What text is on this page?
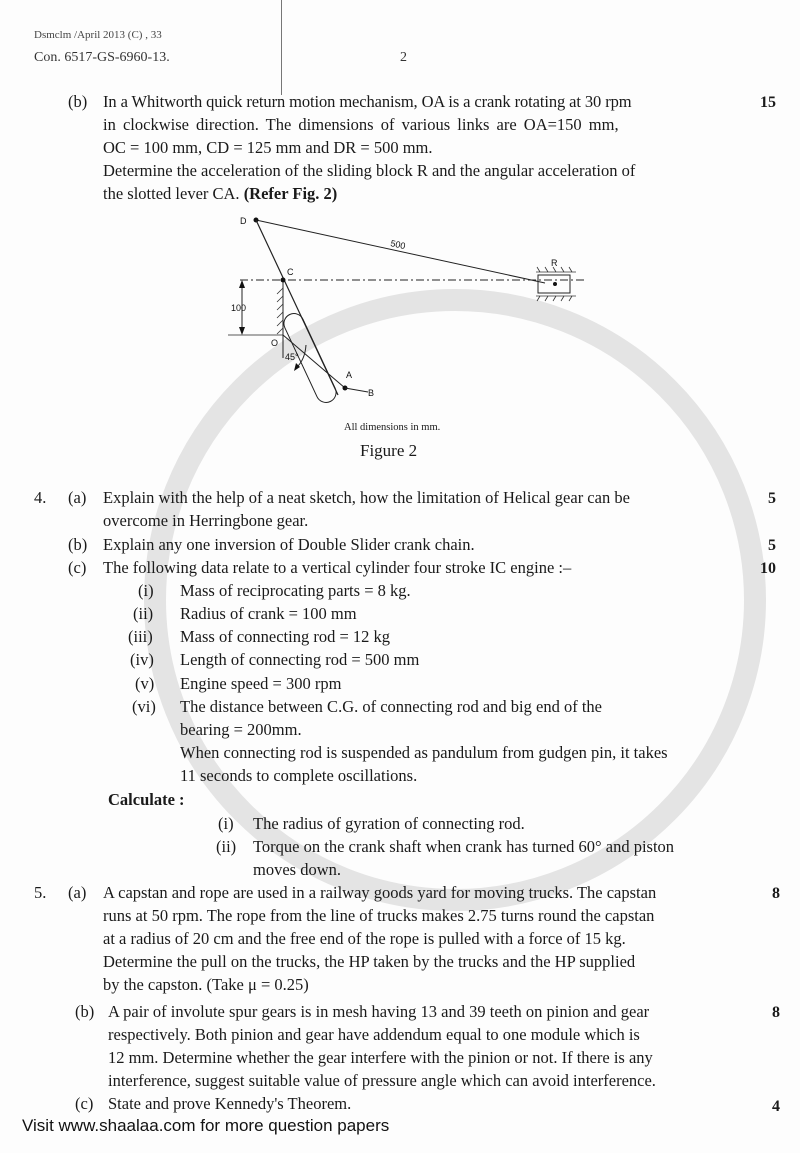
Dsmclm /April 2013 (C) , 33
Con. 6517-GS-6960-13.	2
(b) In a Whitworth quick return motion mechanism, OA is a crank rotating at 30 rpm
in clockwise direction. The dimensions of various links are OA=150 mm,
OC = 100 mm, CD = 125 mm and DR = 500 mm.
Determine the acceleration of the sliding block R and the angular acceleration of
the slotted lever CA. (Refer Fig. 2)
15
D
C
O
A
B
R
500
100
45°
All dimensions in mm.
Figure 2
4. (a) Explain with the help of a neat sketch, how the limitation of Helical gear can be
overcome in Herringbone gear.
5
(b) Explain any one inversion of Double Slider crank chain.	5
(c) The following data relate to a vertical cylinder four stroke IC engine :–	10
(i) Mass of reciprocating parts = 8 kg.
(ii) Radius of crank = 100 mm
(iii) Mass of connecting rod = 12 kg
(iv) Length of connecting rod = 500 mm
(v) Engine speed = 300 rpm
(vi) The distance between C.G. of connecting rod and big end of the
bearing = 200mm.
When connecting rod is suspended as pandulum from gudgen pin, it takes
11 seconds to complete oscillations.
Calculate :
(i) The radius of gyration of connecting rod.
(ii) Torque on the crank shaft when crank has turned 60° and piston
moves down.
5. (a) A capstan and rope are used in a railway goods yard for moving trucks. The capstan
runs at 50 rpm. The rope from the line of trucks makes 2.75 turns round the capstan
at a radius of 20 cm and the free end of the rope is pulled with a force of 15 kg.
Determine the pull on the trucks, the HP taken by the trucks and the HP supplied
by the capston. (Take μ = 0.25)
8
(b) A pair of involute spur gears is in mesh having 13 and 39 teeth on pinion and gear
respectively. Both pinion and gear have addendum equal to one module which is
12 mm. Determine whether the gear interfere with the pinion or not. If there is any
interference, suggest suitable value of pressure angle which can avoid interference.
8
(c) State and prove Kennedy's Theorem.	4
Visit www.shaalaa.com for more question papers
